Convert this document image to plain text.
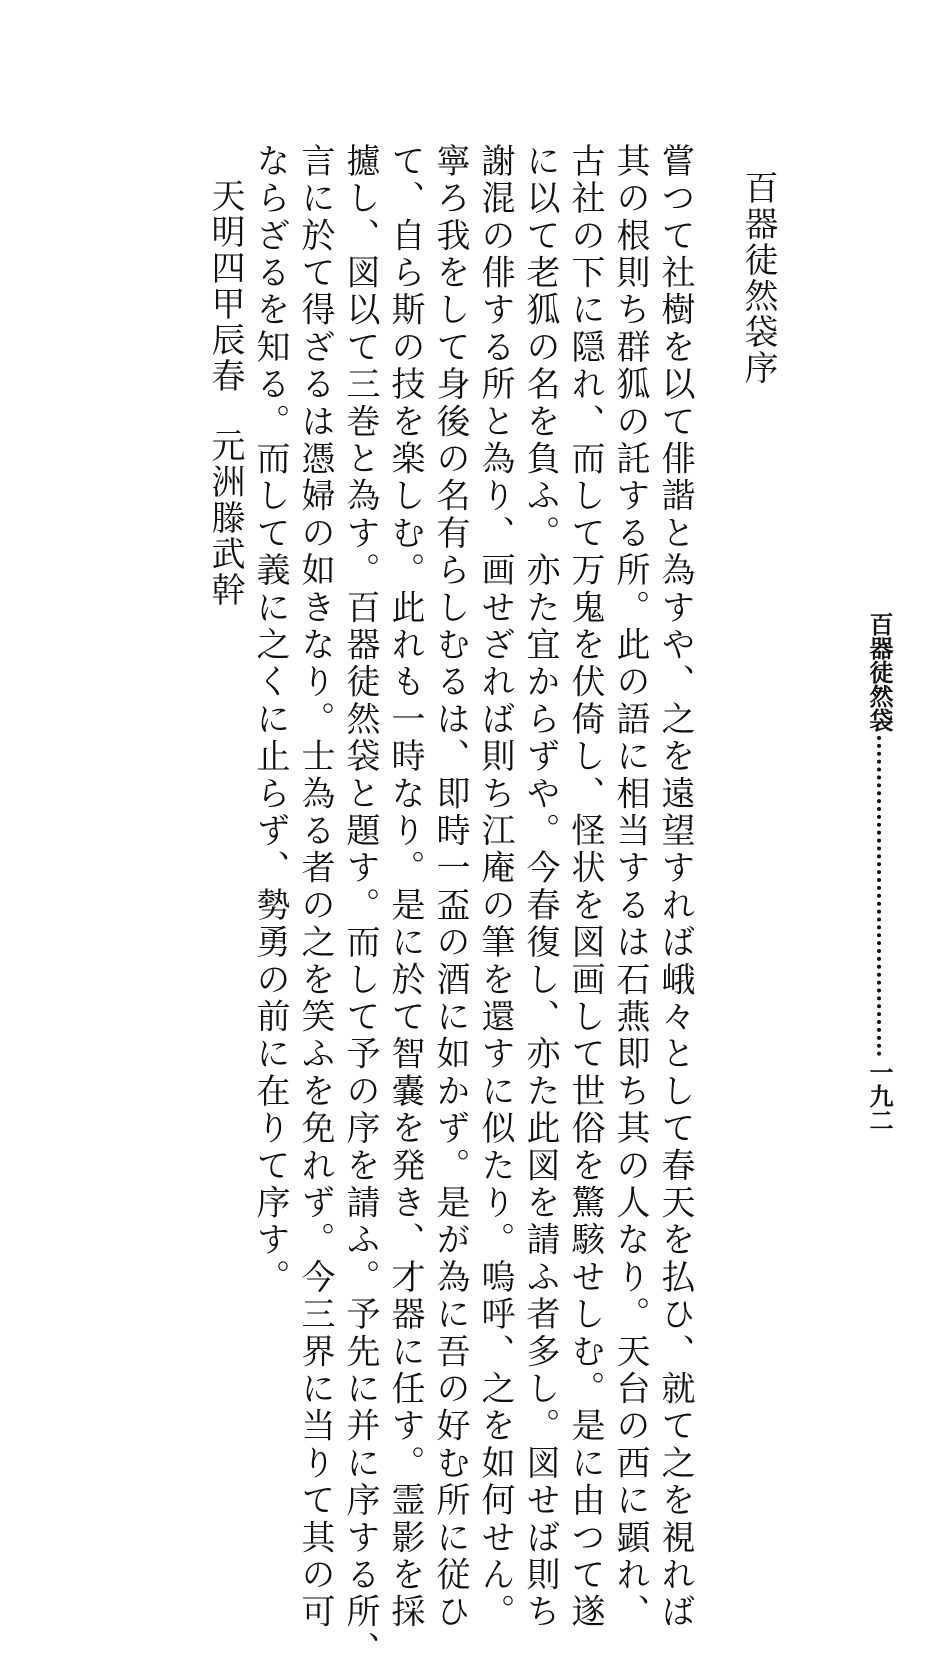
百器徒然袋序
嘗つて社樹を以て俳諧と為すや、之を遠望すれば峨々として春天を払ひ、就て之を視れば
其の根則ち群狐の託する所。此の語に相当するは石燕即ち其の人なり。天台の西に顕れ、
古社の下に隠れ、而して万鬼を伏倚し、怪状を図画して世俗を驚駭せしむ。是に由つて遂
に以て老狐の名を負ふ。亦た宜からずや。今春復し、亦た此図を請ふ者多し。図せば則ち
謝混の俳する所と為り、画せざれば則ち江庵の筆を還すに似たり。嗚呼、之を如何せん。
寧ろ我をして身後の名有らしむるは、即時一盃の酒に如かず。是が為に吾の好む所に従ひ
て、自ら斯の技を楽しむ。此れも一時なり。是に於て智嚢を発き、才器に任す。霊影を採
攄し、図以て三巻と為す。百器徒然袋と題す。而して予の序を請ふ。予先に并に序する所、
言に於て得ざるは憑婦の如きなり。士為る者の之を笑ふを免れず。今三界に当りて其の可
ならざるを知る。而して義に之くに止らず、勢勇の前に在りて序す。
天明四甲辰春元洲滕武幹
百器徒然袋
一九二
